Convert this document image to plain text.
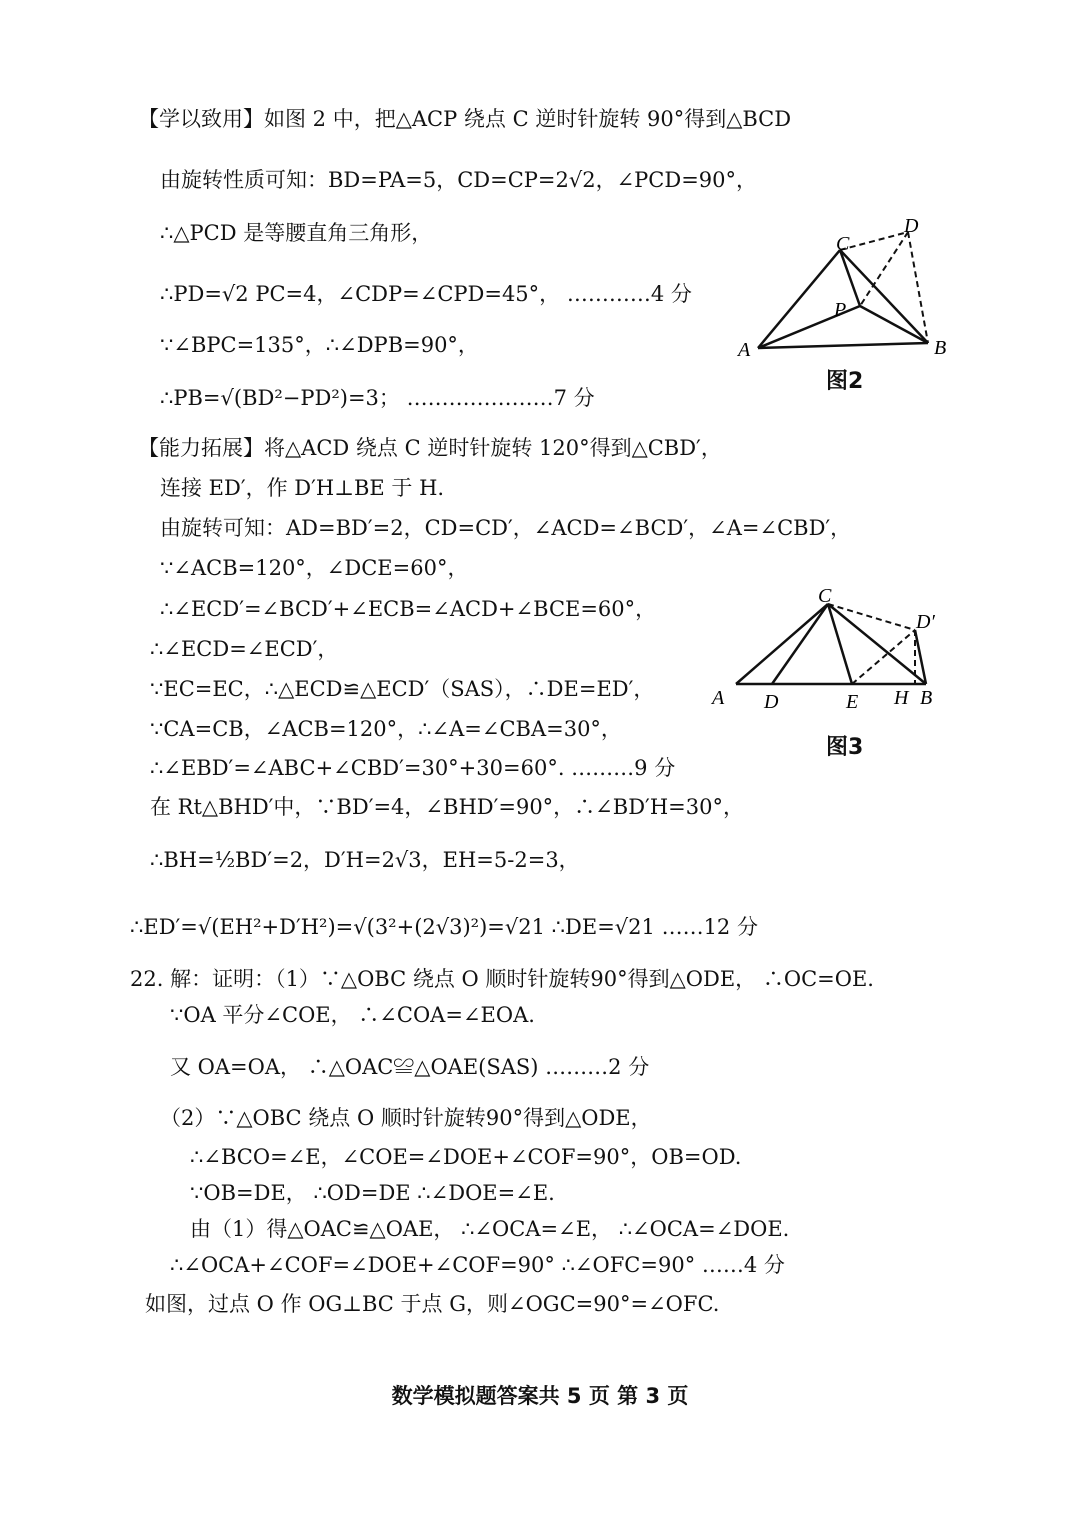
【学以致用】如图 2 中，把△ACP 绕点 C 逆时针旋转 90°得到△BCD
由旋转性质可知：BD=PA=5，CD=CP=2√2，∠PCD=90°，
∴△PCD 是等腰直角三角形，
∴PD=√2 PC=4，∠CDP=∠CPD=45°， …………4 分
∵∠BPC=135°，∴∠DPB=90°，
∴PB=√(BD²−PD²)=3； …………………7 分
【能力拓展】将△ACD 绕点 C 逆时针旋转 120°得到△CBD′，
连接 ED′，作 D′H⊥BE 于 H.
由旋转可知：AD=BD′=2，CD=CD′，∠ACD=∠BCD′，∠A=∠CBD′，
∵∠ACB=120°，∠DCE=60°，
∴∠ECD′=∠BCD′+∠ECB=∠ACD+∠BCE=60°，
∴∠ECD=∠ECD′，
∵EC=EC，∴△ECD≌△ECD′（SAS），∴DE=ED′，
∵CA=CB，∠ACB=120°，∴∠A=∠CBA=30°，
∴∠EBD′=∠ABC+∠CBD′=30°+30=60°. ………9 分
在 Rt△BHD′中，∵BD′=4，∠BHD′=90°，∴∠BD′H=30°，
∴BH=½BD′=2，D′H=2√3，EH=5-2=3，
∴ED′=√(EH²+D′H²)=√(3²+(2√3)²)=√21 ∴DE=√21 ……12 分
22. 解：证明：（1）∵△OBC 绕点 O 顺时针旋转90°得到△ODE， ∴OC=OE.
∵OA 平分∠COE， ∴∠COA=∠EOA.
又 OA=OA， ∴△OAC≌△OAE(SAS) ………2 分
（2）∵△OBC 绕点 O 顺时针旋转90°得到△ODE，
∴∠BCO=∠E，∠COE=∠DOE+∠COF=90°，OB=OD.
∵OB=DE， ∴OD=DE ∴∠DOE=∠E.
由（1）得△OAC≌△OAE， ∴∠OCA=∠E， ∴∠OCA=∠DOE.
∴∠OCA+∠COF=∠DOE+∠COF=90° ∴∠OFC=90° ……4 分
如图，过点 O 作 OG⊥BC 于点 G，则∠OGC=90°=∠OFC.
A	B
C
D
P
图2
A D	E H B
C
D′
图3
数学模拟题答案共 5 页 第 3 页
